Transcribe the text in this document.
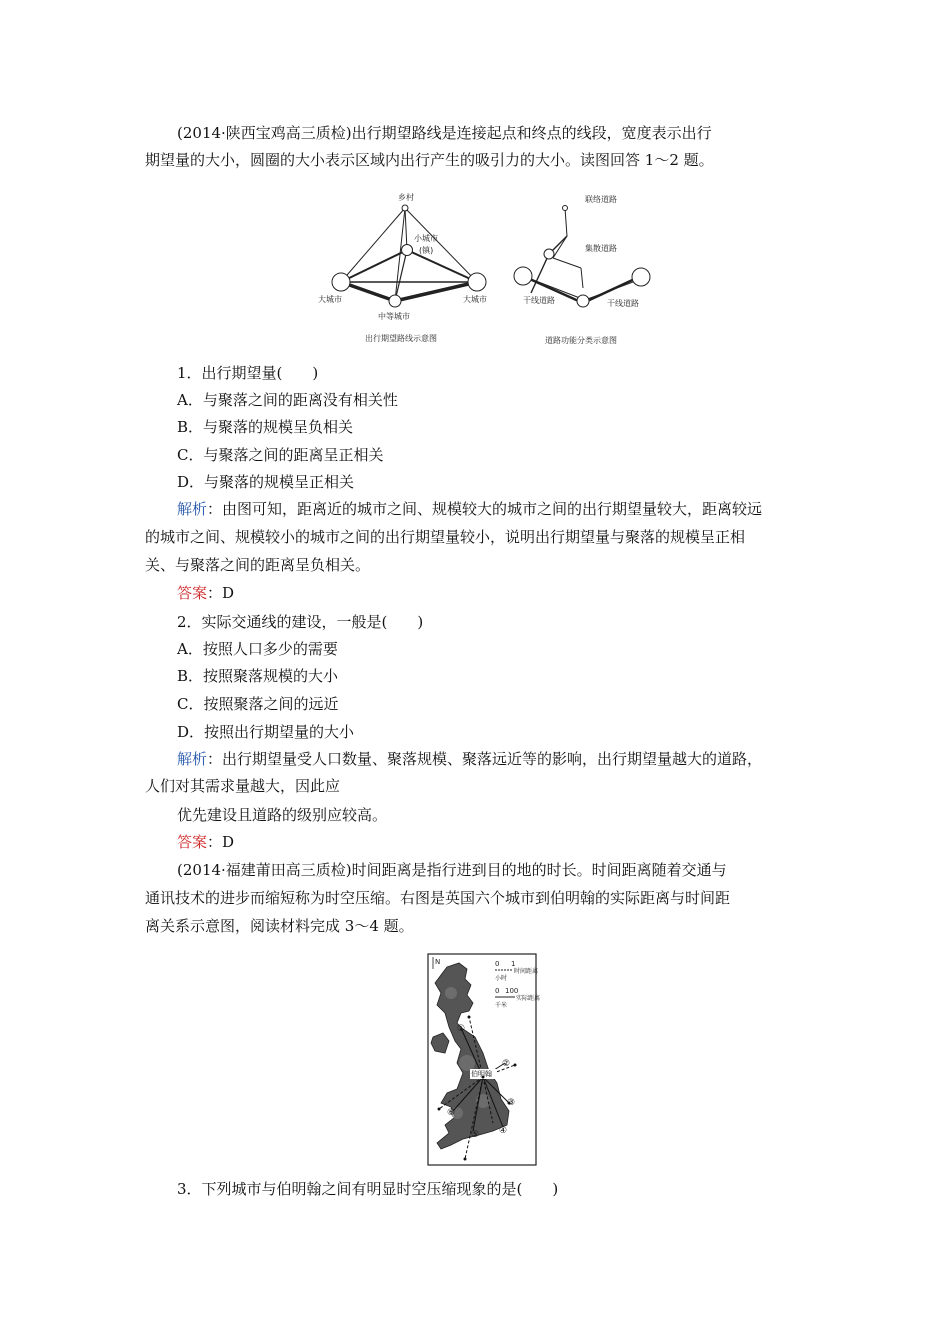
(2014·陕西宝鸡高三质检)出行期望路线是连接起点和终点的线段，宽度表示出行
期望量的大小，圆圈的大小表示区域内出行产生的吸引力的大小。读图回答 1～2 题。
乡村
小城市
(镇)
大城市	大城市
中等城市
出行期望路线示意图
联络道路
集散道路
干线道路	干线道路
道路功能分类示意图
1．出行期望量(　　)
A．与聚落之间的距离没有相关性
B．与聚落的规模呈负相关
C．与聚落之间的距离呈正相关
D．与聚落的规模呈正相关
解析：由图可知，距离近的城市之间、规模较大的城市之间的出行期望量较大，距离较远
的城市之间、规模较小的城市之间的出行期望量较小，说明出行期望量与聚落的规模呈正相
关、与聚落之间的距离呈负相关。
答案：D
2．实际交通线的建设，一般是(　　)
A．按照人口多少的需要
B．按照聚落规模的大小
C．按照聚落之间的远近
D．按照出行期望量的大小
解析：出行期望量受人口数量、聚落规模、聚落远近等的影响，出行期望量越大的道路，
人们对其需求量越大，因此应
优先建设且道路的级别应较高。
答案：D
(2014·福建莆田高三质检)时间距离是指行进到目的地的时长。时间距离随着交通与
通讯技术的进步而缩短称为时空压缩。右图是英国六个城市到伯明翰的实际距离与时间距
离关系示意图，阅读材料完成 3～4 题。
N	0 1
时间距离
小时
0 100
实际距离
千米
伯明翰
①
②
③
④
⑤
⑥
3．下列城市与伯明翰之间有明显时空压缩现象的是(　　)
